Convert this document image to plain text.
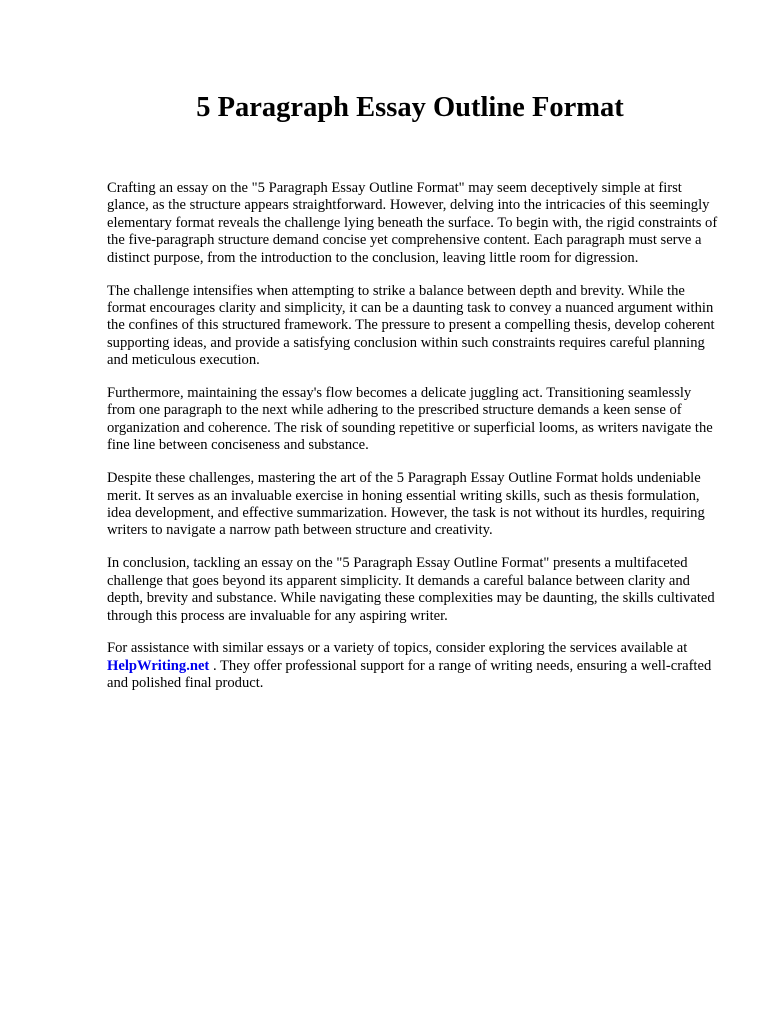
5 Paragraph Essay Outline Format

Crafting an essay on the "5 Paragraph Essay Outline Format" may seem deceptively simple at first glance, as the structure appears straightforward. However, delving into the intricacies of this seemingly elementary format reveals the challenge lying beneath the surface. To begin with, the rigid constraints of the five-paragraph structure demand concise yet comprehensive content. Each paragraph must serve a distinct purpose, from the introduction to the conclusion, leaving little room for digression.

The challenge intensifies when attempting to strike a balance between depth and brevity. While the format encourages clarity and simplicity, it can be a daunting task to convey a nuanced argument within the confines of this structured framework. The pressure to present a compelling thesis, develop coherent supporting ideas, and provide a satisfying conclusion within such constraints requires careful planning and meticulous execution.

Furthermore, maintaining the essay's flow becomes a delicate juggling act. Transitioning seamlessly from one paragraph to the next while adhering to the prescribed structure demands a keen sense of organization and coherence. The risk of sounding repetitive or superficial looms, as writers navigate the fine line between conciseness and substance.

Despite these challenges, mastering the art of the 5 Paragraph Essay Outline Format holds undeniable merit. It serves as an invaluable exercise in honing essential writing skills, such as thesis formulation, idea development, and effective summarization. However, the task is not without its hurdles, requiring writers to navigate a narrow path between structure and creativity.

In conclusion, tackling an essay on the "5 Paragraph Essay Outline Format" presents a multifaceted challenge that goes beyond its apparent simplicity. It demands a careful balance between clarity and depth, brevity and substance. While navigating these complexities may be daunting, the skills cultivated through this process are invaluable for any aspiring writer.

For assistance with similar essays or a variety of topics, consider exploring the services available at HelpWriting.net . They offer professional support for a range of writing needs, ensuring a well-crafted and polished final product.
